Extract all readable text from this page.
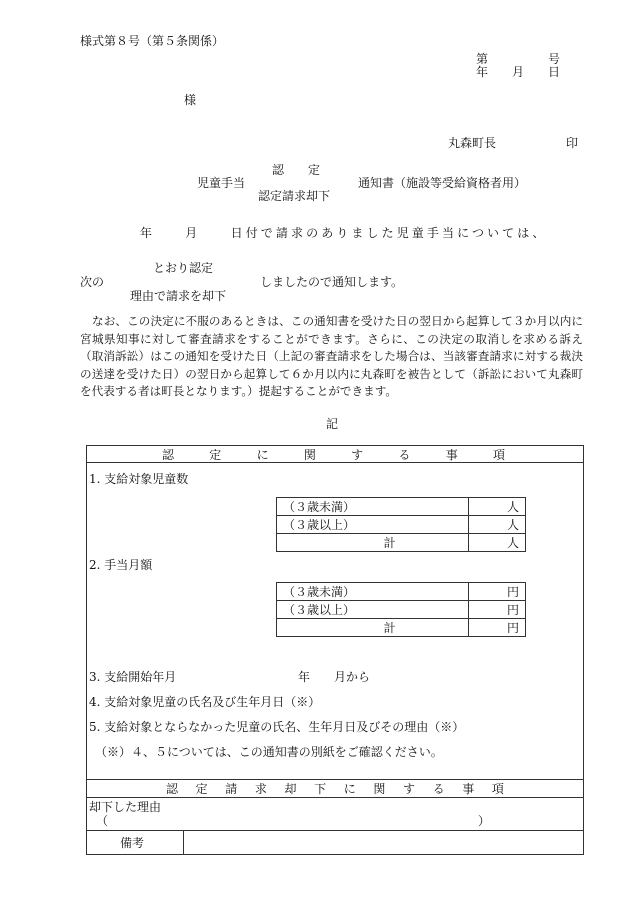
様式第８号（第５条関係）
第　　　　　号
年　　月　　日
様
丸森町長	印
認　　定
児童手当	通知書（施設等受給資格者用）
認定請求却下
年　　月　　日付で請求のありました児童手当については、
とおり認定
次の	しましたので通知します。
理由で請求を却下
なお、この決定に不服のあるときは、この通知書を受けた日の翌日から起算して３か月以内に宮城県知事に対して審査請求をすることができます。さらに、この決定の取消しを求める訴え（取消訴訟）はこの通知を受けた日（上記の審査請求をした場合は、当該審査請求に対する裁決の送達を受けた日）の翌日から起算して６か月以内に丸森町を被告として（訴訟において丸森町を代表する者は町長となります。）提起することができます。
記
認	定	に	関	す	る	事	項
1. 支給対象児童数
（３歳未満）	人
（３歳以上）	人
計	人
2. 手当月額
（３歳未満）	円
（３歳以上）	円
計	円
3. 支給開始年月	年　　月から
4. 支給対象児童の氏名及び生年月日（※）
5. 支給対象とならなかった児童の氏名、生年月日及びその理由（※）
（※）４、５については、この通知書の別紙をご確認ください。
認 定 請 求 却 下 に 関 す る 事 項
却下した理由
（	）
備考
